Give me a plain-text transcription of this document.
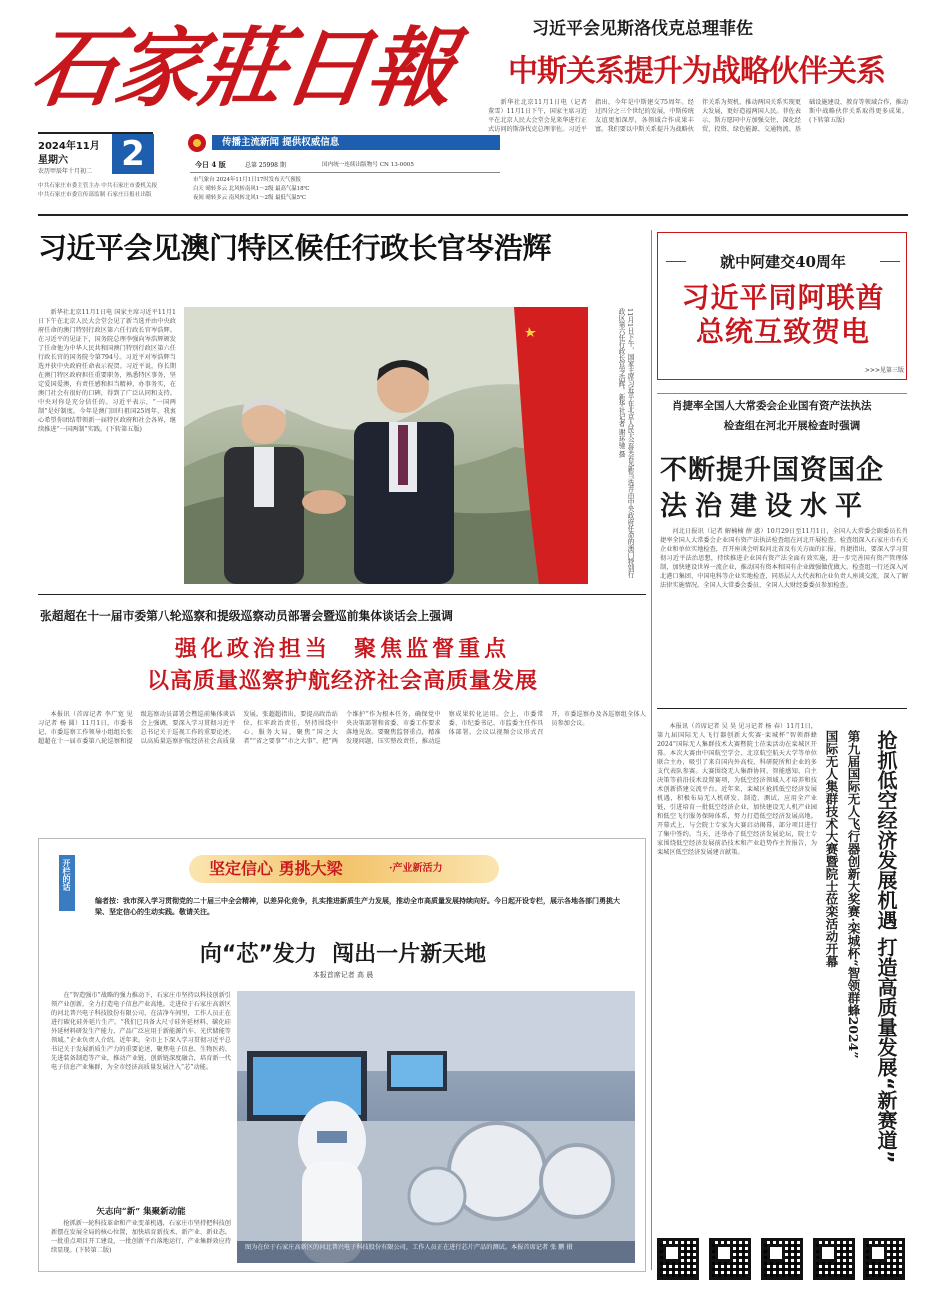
石家莊日報
2024年11月
星期六
农历甲辰年十月初二 2
中共石家庄市委主管主办 中共石家庄市委机关报
中共石家庄市委宣传部监制 石家庄日报社出版
传播主流新闻 提供权威信息
今日 4 版	总第 25998 期	国内统一连续出版物号 CN 13-0005
市气象台 2024年11月1日17时发布天气预报
白天 晴转多云 北风转南风1～2级 最高气温18℃
夜间 晴转多云 南风转北风1～2级 最低气温5℃
习近平会见斯洛伐克总理菲佐
中斯关系提升为战略伙伴关系

新华社北京11月1日电（记者 董雪）11月1日下午，国家主席习近平在北京人民大会堂会见来华进行正式访问的斯洛伐克总理菲佐。习近平指出，今年是中斯建交75周年。经过四分之三个世纪的发展，中斯传统友谊更加深厚，各领域合作成果丰富。我们要以中斯关系提升为战略伙伴关系为契机，推动两国关系实现更大发展，更好造福两国人民。菲佐表示，斯方愿同中方加强交往，深化经贸、投资、绿色能源、交通物流、基础设施建设、教育等领域合作，推动斯中战略伙伴关系取得更多成果。(下转第五版)

习近平会见澳门特区候任行政长官岑浩辉

新华社北京11月1日电 国家主席习近平11月1日下午在北京人民大会堂会见了新当选并由中央政府任命的澳门特别行政区第六任行政长官岑浩辉。在习近平的见证下，国务院总理李强向岑浩辉颁发了任命他为中华人民共和国澳门特别行政区第六任行政长官的国务院令第794号。习近平对岑浩辉当选并获中央政府任命表示祝贺。习近平说，你长期在澳门特区政府担任重要职务，熟悉特区事务，坚定爱国爱澳，有责任感和担当精神，办事务实，在澳门社会有很好的口碑，得到了广泛认同和支持。中央对你是充分信任的。习近平表示，“一国两制”是好制度。今年是澳门回归祖国25周年，我衷心希望你团结带领新一届特区政府和社会各界，继续推进“一国两制”实践。(下转第五版)	11月1日下午，国家主席习近平在北京人民大会堂会见新当选并由中央政府任命的澳门特别行政区第六任行政长官岑浩辉。新华社记者 谢环驰 摄
就中阿建交40周年
习近平同阿联酋总统互致贺电
>>>见第三版
肖捷率全国人大常委会企业国有资产法执法
检查组在河北开展检查时强调
不断提升国资国企
法治建设水平

河北日报讯（记者 解楠楠 薛 惠）10月29日至11月1日，全国人大常委会副委员长肖捷率全国人大常委会企业国有资产法执法检查组在河北开展检查。检查组深入石家庄市有关企业和单位实地检查，召开座谈会听取河北省及有关方面的汇报。肖捷指出，要深入学习贯彻习近平法治思想，持续推进企业国有资产法全面有效实施，进一步完善国有资产管理体制，加快建设世界一流企业，推动国有资本和国有企业做强做优做大。检查组一行还深入河北港口集团、中国电科等企业实地检查，同基层人大代表和企业负责人座谈交流，深入了解法律实施情况。全国人大常委会委员、全国人大财经委委员参加检查。

张超超在十一届市委第八轮巡察和提级巡察动员部署会暨巡前集体谈话会上强调
强化政治担当  聚焦监督重点
以高质量巡察护航经济社会高质量发展

本报讯（首席记者 李广宽 见习记者 杨 圆）11月1日，市委书记、市委巡察工作领导小组组长张超超在十一届市委第八轮巡察和提级巡察动员部署会暨巡前集体谈话会上强调，要深入学习贯彻习近平总书记关于巡视工作的重要论述，以高质量巡察护航经济社会高质量发展。张超超指出，要提高政治站位，扛牢政治责任，坚持围绕中心、服务大局，聚焦“国之大者”“省之要事”“市之大事”，把“两个维护”作为根本任务，确保党中央决策部署和省委、市委工作要求落地见效。要聚焦监督重点，精准发现问题，压实整改责任，推动巡察成果转化运用。会上，市委常委、市纪委书记、市监委主任作具体部署。会议以视频会议形式召开，市委巡察办及各巡察组全体人员参加会议。

开栏的话	坚定信心 勇挑大梁	·产业新活力
编者按：我市深入学习贯彻党的二十届三中全会精神，以差异化竞争，扎实推进新质生产力发展，推动全市高质量发展持续向好。今日起开设专栏，展示各地各部门勇挑大梁、坚定信心的生动实践。敬请关注。
向“芯”发力  闯出一片新天地
本报首席记者 高 晨

在“智造强市”战略的强力推动下，石家庄市坚持以科技创新引领产业创新，全力打造电子信息产业高地。走进位于石家庄高新区的河北普兴电子科技股份有限公司，在洁净车间里，工作人员正在进行碳化硅外延片生产。“我们已具备大尺寸硅外延材料、碳化硅外延材料研发生产能力，产品广泛应用于新能源汽车、光伏储能等领域。”企业负责人介绍。近年来，全市上下深入学习贯彻习近平总书记关于发展新质生产力的重要论述，聚焦电子信息、生物医药、先进装备制造等产业，推动产业链、创新链深度融合，培育新一代电子信息产业集群，为全市经济高质量发展注入“芯”动能。

矢志向“新” 集聚新动能

抢抓新一轮科技革命和产业变革机遇，石家庄市坚持把科技创新摆在发展全局的核心位置，加快培育新技术、新产业、新业态。一批重点项目开工建设，一批创新平台落地运行，产业集群效应持续显现。(下转第二版)	图为在位于石家庄高新区的河北普兴电子科技股份有限公司，工作人员正在进行芯片产品的测试。本报首席记者 张 鹏 摄

本报讯（首席记者 吴 昊 见习记者 杨 春）11月1日，第九届国际无人飞行器创新大奖赛·栾城杯“智领群蜂2024”国际无人集群技术大赛暨院士莅栾活动在栾城区开幕。本次大赛由中国航空学会、北京航空航天大学等单位联合主办，吸引了来自国内外高校、科研院所和企业的多支代表队参赛。大赛围绕无人集群协同、智能感知、自主决策等前沿技术设置赛项，为低空经济领域人才培养和技术创新搭建交流平台。近年来，栾城区抢抓低空经济发展机遇，积极布局无人机研发、制造、测试、应用全产业链，引进培育一批低空经济企业，加快建设无人机产业园和低空飞行服务保障体系，努力打造低空经济发展高地。开幕式上，与会院士专家为大赛启动揭幕，部分项目进行了集中签约。当天，还举办了低空经济发展论坛，院士专家围绕低空经济发展前沿技术和产业趋势作主旨报告，为栾城区低空经济发展建言献策。	抢抓低空经济发展机遇 打造高质量发展“新赛道”
第九届国际无人飞行器创新大奖赛·栾城杯“智领群蜂2024”
国际无人集群技术大赛暨院士莅栾活动开幕
